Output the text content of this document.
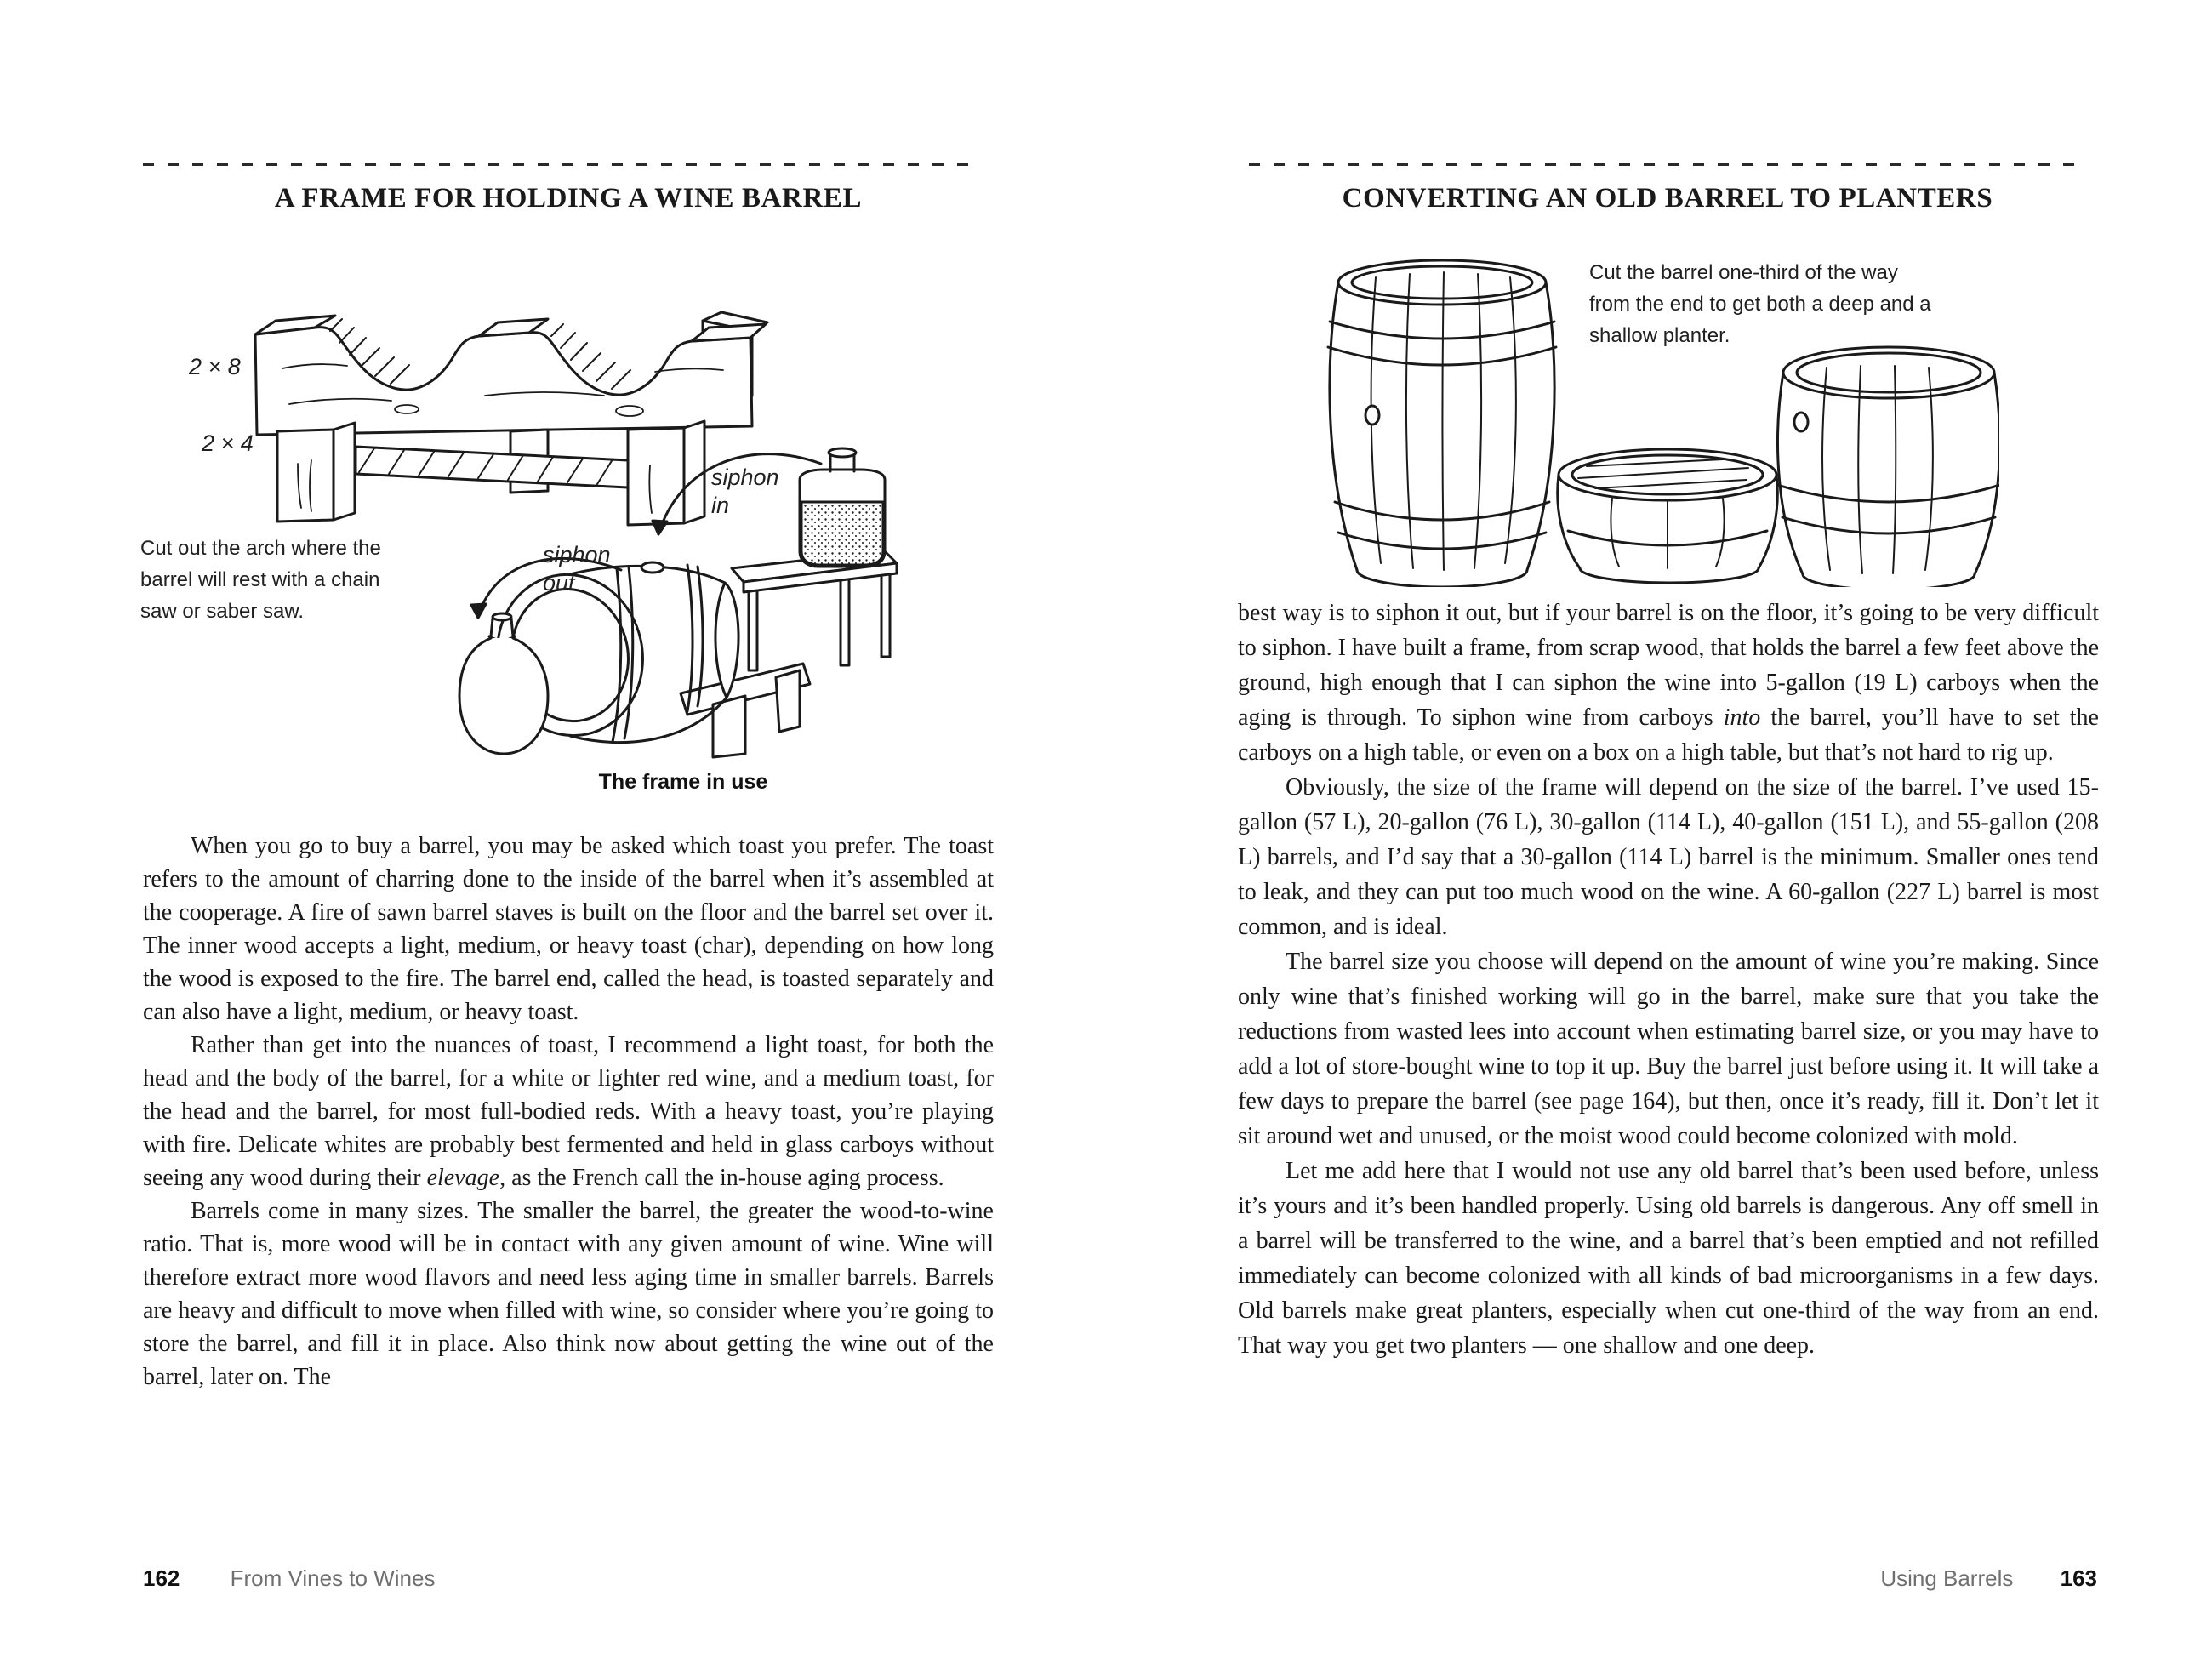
A FRAME FOR HOLDING A WINE BARREL
2 × 8
2 × 4
Cut out the arch where the barrel will rest with a chain saw or saber saw.
siphon in
siphon out
The frame in use

When you go to buy a barrel, you may be asked which toast you prefer. The toast refers to the amount of charring done to the inside of the barrel when it’s assembled at the cooperage. A fire of sawn barrel staves is built on the floor and the barrel set over it. The inner wood accepts a light, medium, or heavy toast (char), depending on how long the wood is exposed to the fire. The barrel end, called the head, is toasted separately and can also have a light, medium, or heavy toast.

Rather than get into the nuances of toast, I recommend a light toast, for both the head and the body of the barrel, for a white or lighter red wine, and a medium toast, for the head and the barrel, for most full-bodied reds. With a heavy toast, you’re playing with fire. Delicate whites are probably best fermented and held in glass carboys without seeing any wood during their elevage, as the French call the in-house aging process.

Barrels come in many sizes. The smaller the barrel, the greater the wood-to-wine ratio. That is, more wood will be in contact with any given amount of wine. Wine will therefore extract more wood flavors and need less aging time in smaller barrels. Barrels are heavy and difficult to move when filled with wine, so consider where you’re going to store the barrel, and fill it in place. Also think now about getting the wine out of the barrel, later on. The

162 From Vines to Wines
CONVERTING AN OLD BARREL TO PLANTERS
Cut the barrel one-third of the way from the end to get both a deep and a shallow planter.

best way is to siphon it out, but if your barrel is on the floor, it’s going to be very difficult to siphon. I have built a frame, from scrap wood, that holds the barrel a few feet above the ground, high enough that I can siphon the wine into 5-gallon (19 L) carboys when the aging is through. To siphon wine from carboys into the barrel, you’ll have to set the carboys on a high table, or even on a box on a high table, but that’s not hard to rig up.

Obviously, the size of the frame will depend on the size of the barrel. I’ve used 15-gallon (57 L), 20-gallon (76 L), 30-gallon (114 L), 40-gallon (151 L), and 55-gallon (208 L) barrels, and I’d say that a 30-gallon (114 L) barrel is the minimum. Smaller ones tend to leak, and they can put too much wood on the wine. A 60-gallon (227 L) barrel is most common, and is ideal.

The barrel size you choose will depend on the amount of wine you’re making. Since only wine that’s finished working will go in the barrel, make sure that you take the reductions from wasted lees into account when estimating barrel size, or you may have to add a lot of store-bought wine to top it up. Buy the barrel just before using it. It will take a few days to prepare the barrel (see page 164), but then, once it’s ready, fill it. Don’t let it sit around wet and unused, or the moist wood could become colonized with mold.

Let me add here that I would not use any old barrel that’s been used before, unless it’s yours and it’s been handled properly. Using old barrels is dangerous. Any off smell in a barrel will be transferred to the wine, and a barrel that’s been emptied and not refilled immediately can become colonized with all kinds of bad microorganisms in a few days. Old barrels make great planters, especially when cut one-third of the way from an end. That way you get two planters — one shallow and one deep.

Using Barrels 163
